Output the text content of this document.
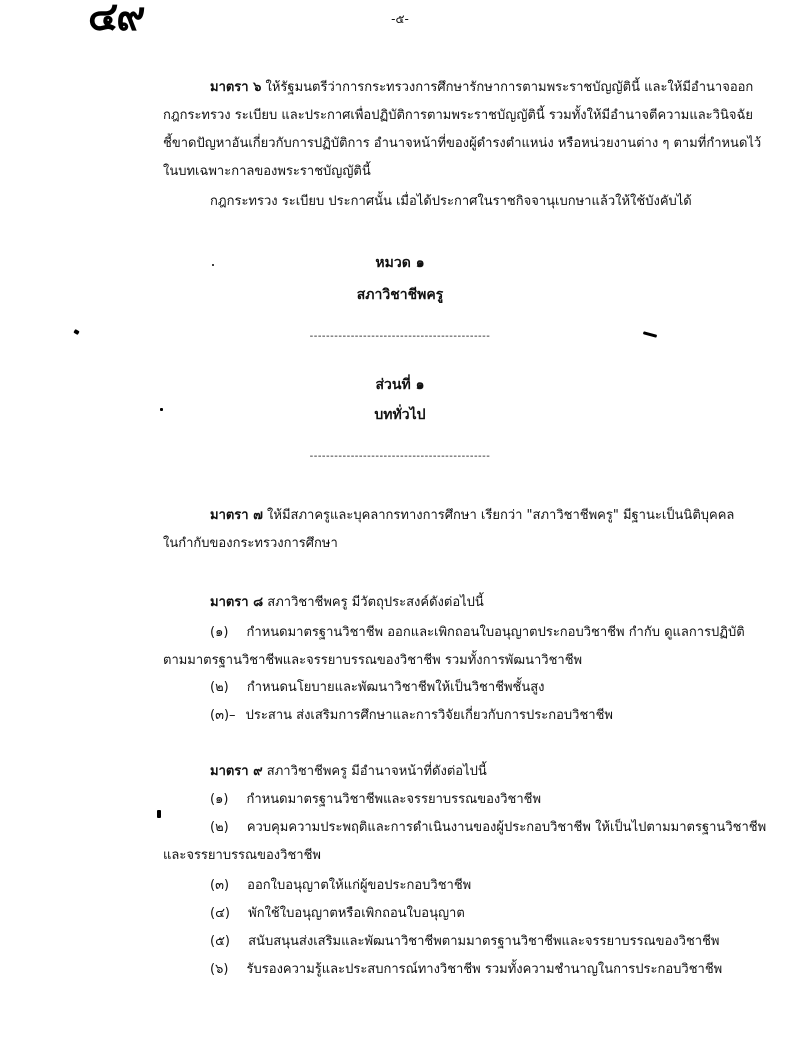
๔๙	-๕-
มาตรา ๖ ให้รัฐมนตรีว่าการกระทรวงการศึกษารักษาการตามพระราชบัญญัตินี้ และให้มีอำนาจออก
กฎกระทรวง ระเบียบ และประกาศเพื่อปฏิบัติการตามพระราชบัญญัตินี้ รวมทั้งให้มีอำนาจตีความและวินิจฉัย
ชี้ขาดปัญหาอันเกี่ยวกับการปฏิบัติการ อำนาจหน้าที่ของผู้ดำรงตำแหน่ง หรือหน่วยงานต่าง ๆ ตามที่กำหนดไว้
ในบทเฉพาะกาลของพระราชบัญญัตินี้
กฎกระทรวง ระเบียบ ประกาศนั้น เมื่อได้ประกาศในราชกิจจานุเบกษาแล้วให้ใช้บังคับได้
หมวด ๑
สภาวิชาชีพครู
--------------------------------------------
ส่วนที่ ๑
บททั่วไป
--------------------------------------------
มาตรา ๗ ให้มีสภาครูและบุคลากรทางการศึกษา เรียกว่า "สภาวิชาชีพครู" มีฐานะเป็นนิติบุคคล
ในกำกับของกระทรวงการศึกษา
มาตรา ๘ สภาวิชาชีพครู มีวัตถุประสงค์ดังต่อไปนี้
(๑) กำหนดมาตรฐานวิชาชีพ ออกและเพิกถอนใบอนุญาตประกอบวิชาชีพ กำกับ ดูแลการปฏิบัติ
ตามมาตรฐานวิชาชีพและจรรยาบรรณของวิชาชีพ รวมทั้งการพัฒนาวิชาชีพ
(๒) กำหนดนโยบายและพัฒนาวิชาชีพให้เป็นวิชาชีพชั้นสูง
(๓)– ประสาน ส่งเสริมการศึกษาและการวิจัยเกี่ยวกับการประกอบวิชาชีพ
มาตรา ๙ สภาวิชาชีพครู มีอำนาจหน้าที่ดังต่อไปนี้
(๑) กำหนดมาตรฐานวิชาชีพและจรรยาบรรณของวิชาชีพ
(๒) ควบคุมความประพฤติและการดำเนินงานของผู้ประกอบวิชาชีพ ให้เป็นไปตามมาตรฐานวิชาชีพ
และจรรยาบรรณของวิชาชีพ
(๓) ออกใบอนุญาตให้แก่ผู้ขอประกอบวิชาชีพ
(๔) พักใช้ใบอนุญาตหรือเพิกถอนใบอนุญาต
(๕) สนับสนุนส่งเสริมและพัฒนาวิชาชีพตามมาตรฐานวิชาชีพและจรรยาบรรณของวิชาชีพ
(๖) รับรองความรู้และประสบการณ์ทางวิชาชีพ รวมทั้งความชำนาญในการประกอบวิชาชีพ
